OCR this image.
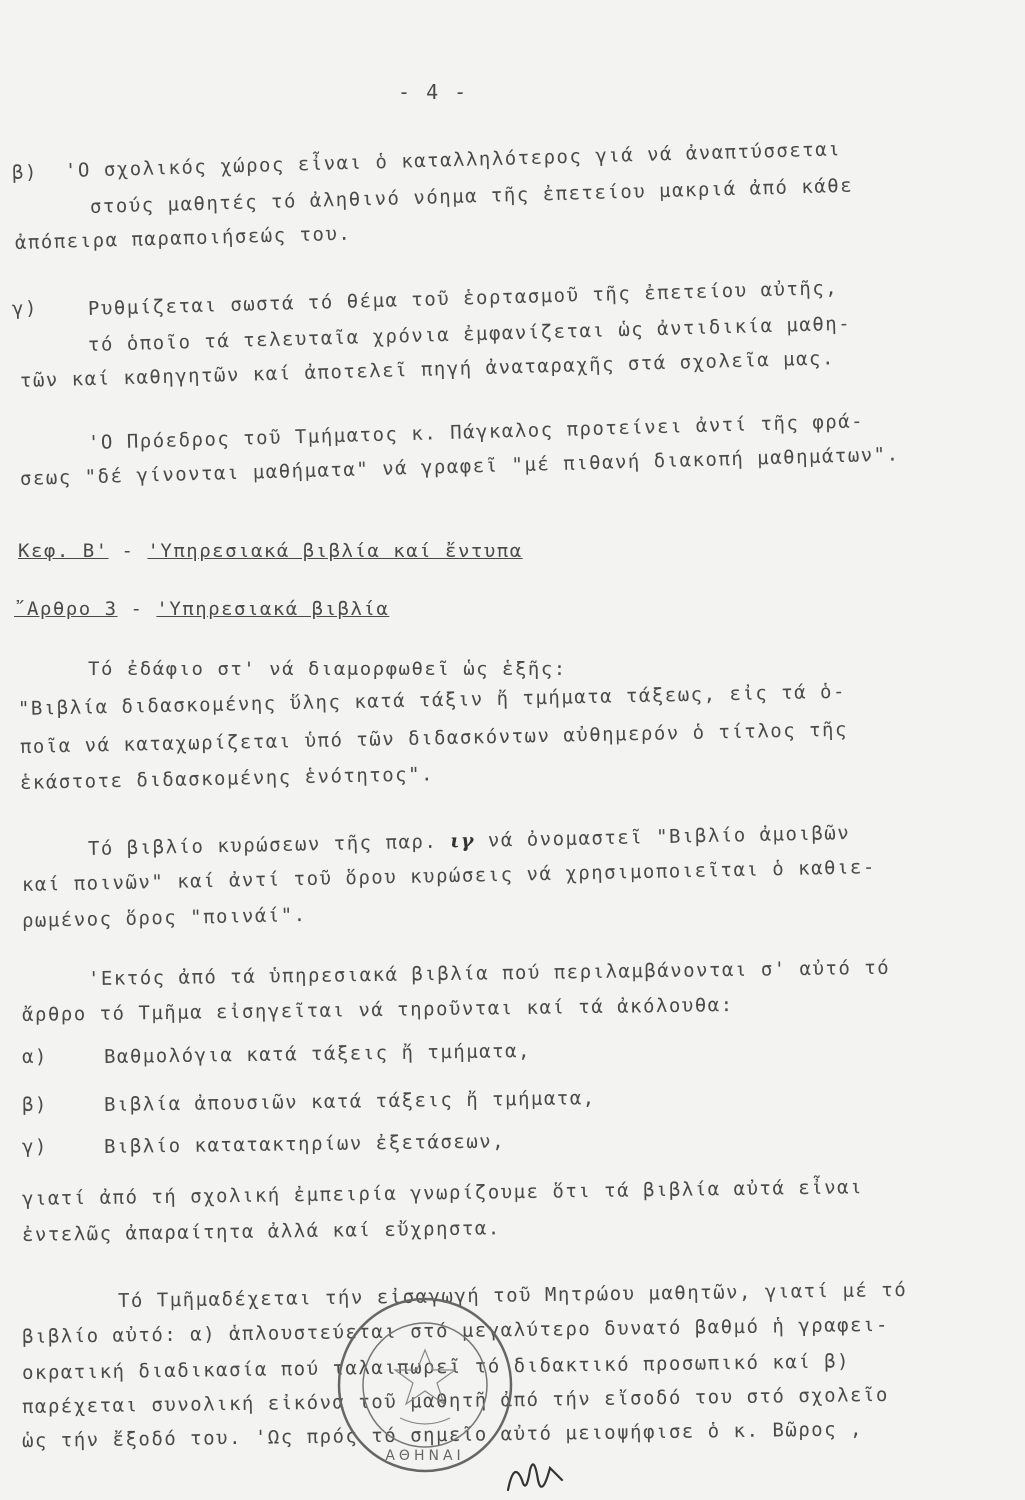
- 4 -
β) 'Ο σχολικός χώρος εἶναι ὁ καταλληλότερος γιά νά ἀναπτύσσεται
στούς μαθητές τό ἀληθινό νόημα τῆς ἐπετείου μακριά ἀπό κάθε
ἀπόπειρα παραποιήσεώς του.
γ)	Ρυθμίζεται σωστά τό θέμα τοῦ ἑορτασμοῦ τῆς ἐπετείου αὐτῆς,
τό ὁποῖο τά τελευταῖα χρόνια ἐμφανίζεται ὡς ἀντιδικία μαθη-
τῶν καί καθηγητῶν καί ἀποτελεῖ πηγή ἀναταραχῆς στά σχολεῖα μας.
'Ο Πρόεδρος τοῦ Τμήματος κ. Πάγκαλος προτείνει ἀντί τῆς φρά-
σεως "δέ γίνονται μαθήματα" νά γραφεῖ "μέ πιθανή διακοπή μαθημάτων".
Κεφ. Β' - 'Υπηρεσιακά βιβλία καί ἔντυπα
῎Αρθρο 3 - 'Υπηρεσιακά βιβλία
Τό ἐδάφιο στ' νά διαμορφωθεῖ ὡς ἑξῆς:
"Βιβλία διδασκομένης ὕλης κατά τάξιν ἤ τμήματα τάξεως, εἰς τά ὁ-
ποῖα νά καταχωρίζεται ὑπό τῶν διδασκόντων αὐθημερόν ὁ τίτλος τῆς
ἑκάστοτε διδασκομένης ἑνότητος".
Τό βιβλίο κυρώσεων τῆς παρ. ιγ νά ὀνομαστεῖ "Βιβλίο ἀμοιβῶν
καί ποινῶν" καί ἀντί τοῦ ὅρου κυρώσεις νά χρησιμοποιεῖται ὁ καθιε-
ρωμένος ὅρος "ποινάί".
'Εκτός ἀπό τά ὑπηρεσιακά βιβλία πού περιλαμβάνονται σ' αὐτό τό
ἄρθρο τό Τμῆμα εἰσηγεῖται νά τηροῦνται καί τά ἀκόλουθα:
α)	Βαθμολόγια κατά τάξεις ἤ τμήματα,
β)	Βιβλία ἀπουσιῶν κατά τάξεις ἤ τμήματα,
γ)	Βιβλίο κατατακτηρίων ἐξετάσεων,
γιατί ἀπό τή σχολική ἐμπειρία γνωρίζουμε ὅτι τά βιβλία αὐτά εἶναι
ἐντελῶς ἀπαραίτητα ἀλλά καί εὔχρηστα.
Τό Τμῆμαδέχεται τήν εἰσαγωγή τοῦ Μητρώου μαθητῶν, γιατί μέ τό
βιβλίο αὐτό: α) ἁπλουστεύεται στό μεγαλύτερο δυνατό βαθμό ἡ γραφει-
οκρατική διαδικασία πού ταλαιπωρεῖ τό διδακτικό προσωπικό καί β)
παρέχεται συνολική εἰκόνα τοῦ μαθητῆ ἀπό τήν εἴσοδό του στό σχολεῖο
ὡς τήν ἔξοδό του. 'Ως πρός τό σημεῖο αὐτό μειοψήφισε ὁ κ. Βῶρος ,
ΑΘΗΝΑΙ
